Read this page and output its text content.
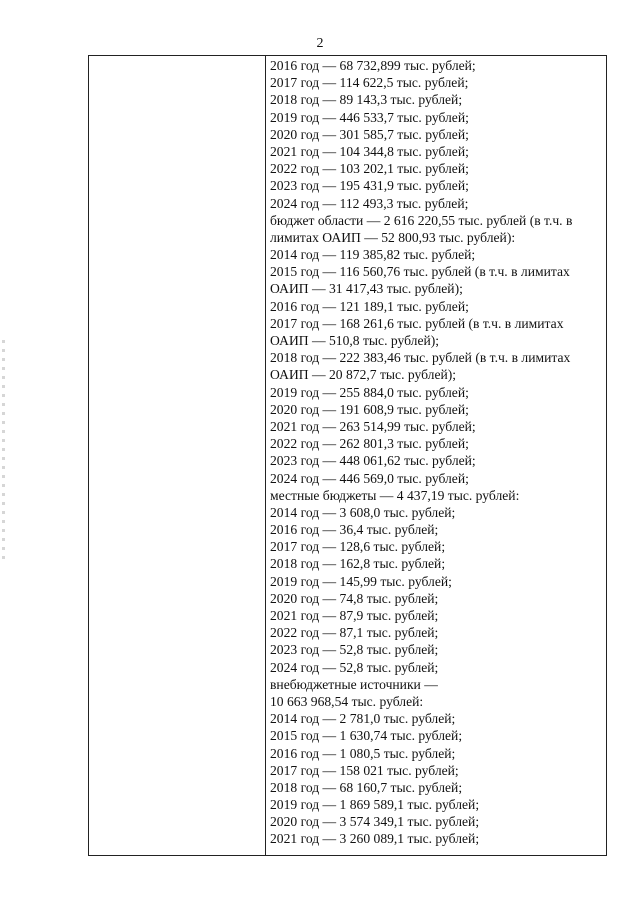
2
2016 год — 68 732,899 тыс. рублей;
2017 год — 114 622,5 тыс. рублей;
2018 год — 89 143,3 тыс. рублей;
2019 год — 446 533,7 тыс. рублей;
2020 год — 301 585,7 тыс. рублей;
2021 год — 104 344,8 тыс. рублей;
2022 год — 103 202,1 тыс. рублей;
2023 год — 195 431,9 тыс. рублей;
2024 год — 112 493,3 тыс. рублей;
бюджет области — 2 616 220,55 тыс. рублей (в т.ч. в
лимитах ОАИП — 52 800,93 тыс. рублей):
2014 год — 119 385,82 тыс. рублей;
2015 год — 116 560,76 тыс. рублей (в т.ч. в лимитах
ОАИП — 31 417,43 тыс. рублей);
2016 год — 121 189,1 тыс. рублей;
2017 год — 168 261,6 тыс. рублей (в т.ч. в лимитах
ОАИП — 510,8 тыс. рублей);
2018 год — 222 383,46 тыс. рублей (в т.ч. в лимитах
ОАИП — 20 872,7 тыс. рублей);
2019 год — 255 884,0 тыс. рублей;
2020 год — 191 608,9 тыс. рублей;
2021 год — 263 514,99 тыс. рублей;
2022 год — 262 801,3 тыс. рублей;
2023 год — 448 061,62 тыс. рублей;
2024 год — 446 569,0 тыс. рублей;
местные бюджеты — 4 437,19 тыс. рублей:
2014 год — 3 608,0 тыс. рублей;
2016 год — 36,4 тыс. рублей;
2017 год — 128,6 тыс. рублей;
2018 год — 162,8 тыс. рублей;
2019 год — 145,99 тыс. рублей;
2020 год — 74,8 тыс. рублей;
2021 год — 87,9 тыс. рублей;
2022 год — 87,1 тыс. рублей;
2023 год — 52,8 тыс. рублей;
2024 год — 52,8 тыс. рублей;
внебюджетные источники —
10 663 968,54 тыс. рублей:
2014 год — 2 781,0 тыс. рублей;
2015 год — 1 630,74 тыс. рублей;
2016 год — 1 080,5 тыс. рублей;
2017 год — 158 021 тыс. рублей;
2018 год — 68 160,7 тыс. рублей;
2019 год — 1 869 589,1 тыс. рублей;
2020 год — 3 574 349,1 тыс. рублей;
2021 год — 3 260 089,1 тыс. рублей;
